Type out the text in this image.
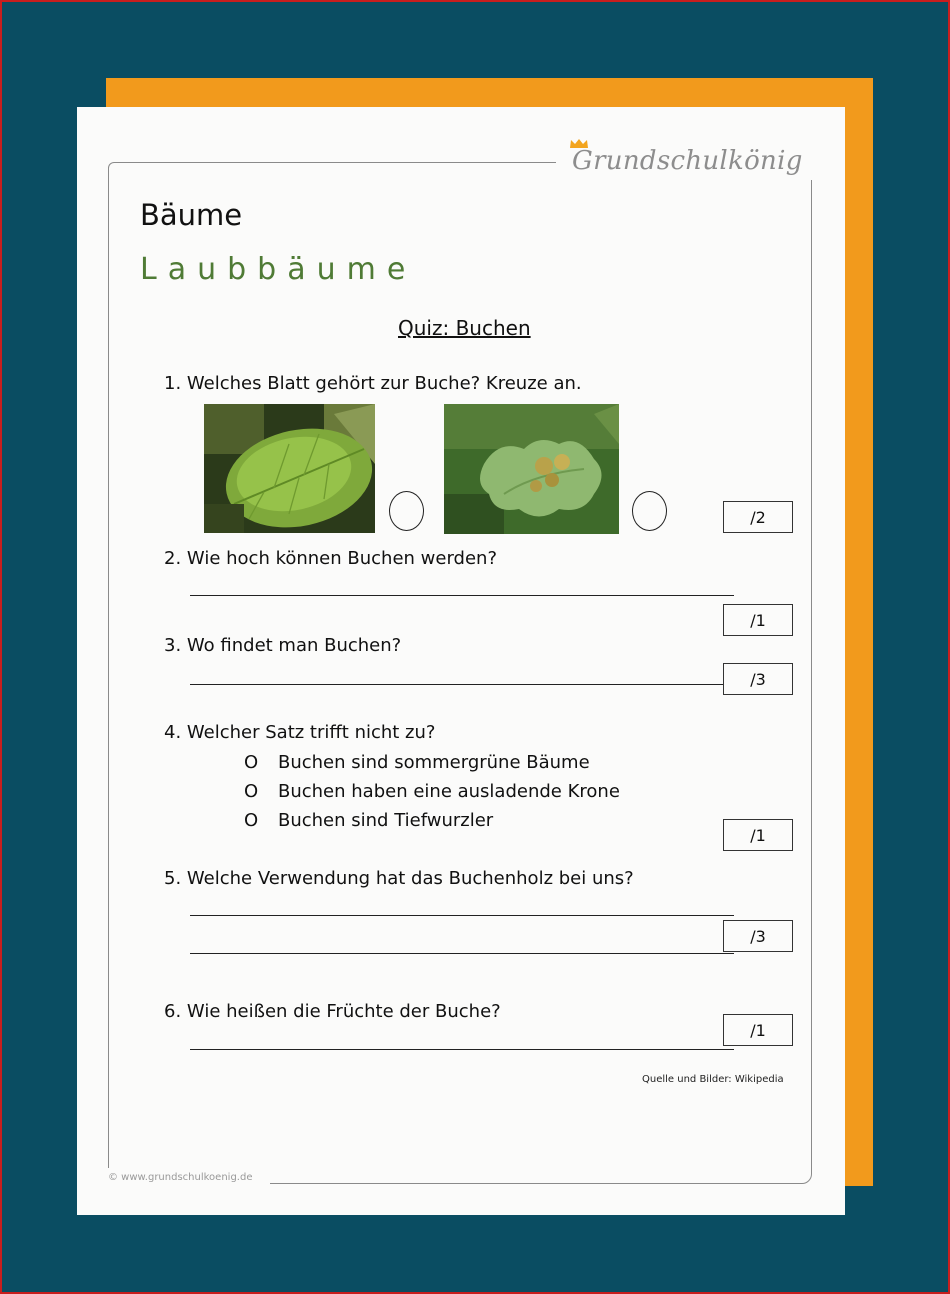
Grundschulkönig
Bäume
Laubbäume
Quiz: Buchen
1. Welches Blatt gehört zur Buche? Kreuze an.
/2
2. Wie hoch können Buchen werden?
/1
3. Wo findet man Buchen?
/3
4. Welcher Satz trifft nicht zu?
O Buchen sind sommergrüne Bäume
O Buchen haben eine ausladende Krone
O Buchen sind Tiefwurzler
/1
5. Welche Verwendung hat das Buchenholz bei uns?
/3
6. Wie heißen die Früchte der Buche?
/1
Quelle und Bilder: Wikipedia
© www.grundschulkoenig.de
